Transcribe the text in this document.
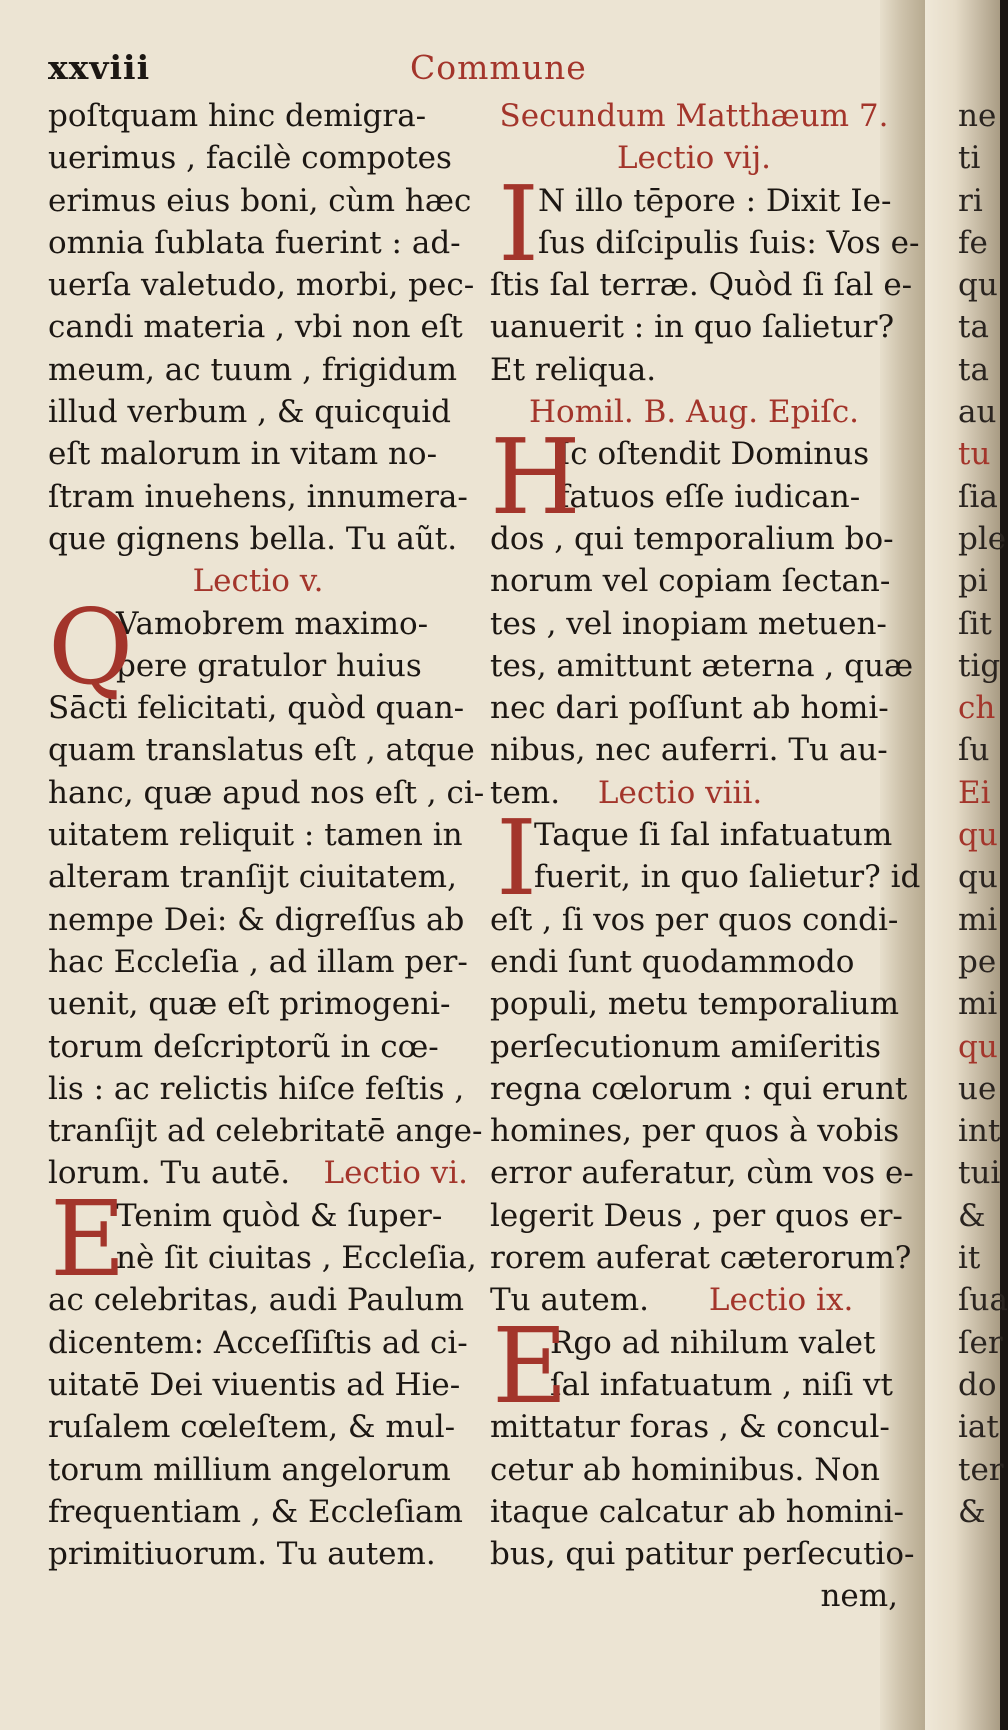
xxviii	Commune
poſtquam hinc demigra-
uerimus , facilè compotes
erimus eius boni, cùm hæc
omnia ſublata fuerint : ad-
uerſa valetudo, morbi, pec-
candi materia , vbi non eſt
meum, ac tuum , frigidum
illud verbum , & quicquid
eſt malorum in vitam no-
ſtram inuehens, innumera-
que gignens bella. Tu aũt.
Lectio v.
Q
Vamobrem maximo-
pere gratulor huius
Sācti felicitati, quòd quan-
quam translatus eſt , atque
hanc, quæ apud nos eſt , ci-
uitatem reliquit : tamen in
alteram tranſijt ciuitatem,
nempe Dei: & digreſſus ab
hac Eccleſia , ad illam per-
uenit, quæ eſt primogeni-
torum deſcriptorũ in cœ-
lis : ac relictis hiſce feſtis ,
tranſijt ad celebritatē ange-
lorum. Tu autē. Lectio vi.
E
Tenim quòd & ſuper-
nè ſit ciuitas , Eccleſia,
ac celebritas, audi Paulum
dicentem: Acceſſiſtis ad ci-
uitatē Dei viuentis ad Hie-
ruſalem cœleſtem, & mul-
torum millium angelorum
frequentiam , & Eccleſiam
primitiuorum. Tu autem.
Secundum Matthæum 7.
Lectio vij.
I
N illo tēpore : Dixit Ie-
ſus diſcipulis ſuis: Vos e-
ſtis ſal terræ. Quòd ſi ſal e-
uanuerit : in quo ſalietur?
Et reliqua.
Homil. B. Aug. Epiſc.
H
Ic oſtendit Dominus
fatuos eſſe iudican-
dos , qui temporalium bo-
norum vel copiam ſectan-
tes , vel inopiam metuen-
tes, amittunt æterna , quæ
nec dari poſſunt ab homi-
nibus, nec auferri. Tu au-
tem. Lectio viii.
I
Taque ſi ſal infatuatum
fuerit, in quo ſalietur? id
eſt , ſi vos per quos condi-
endi ſunt quodammodo
populi, metu temporalium
perſecutionum amiſeritis
regna cœlorum : qui erunt
homines, per quos à vobis
error auferatur, cùm vos e-
legerit Deus , per quos er-
rorem auferat cæterorum?
Tu autem. Lectio ix.
E
Rgo ad nihilum valet
ſal infatuatum , niſi vt
mittatur foras , & concul-
cetur ab hominibus. Non
itaque calcatur ab homini-
bus, qui patitur perſecutio-
nem,
ne
ti
ri
fe
qu
ta
ta
au
tu
ſia
ple
pi
ſit
tig
ch
ſu
Ei
qu
qu
mi
pe
mi
qu
ue
int
tui
&
it
ſua
ſer
do
iat
ter
&
